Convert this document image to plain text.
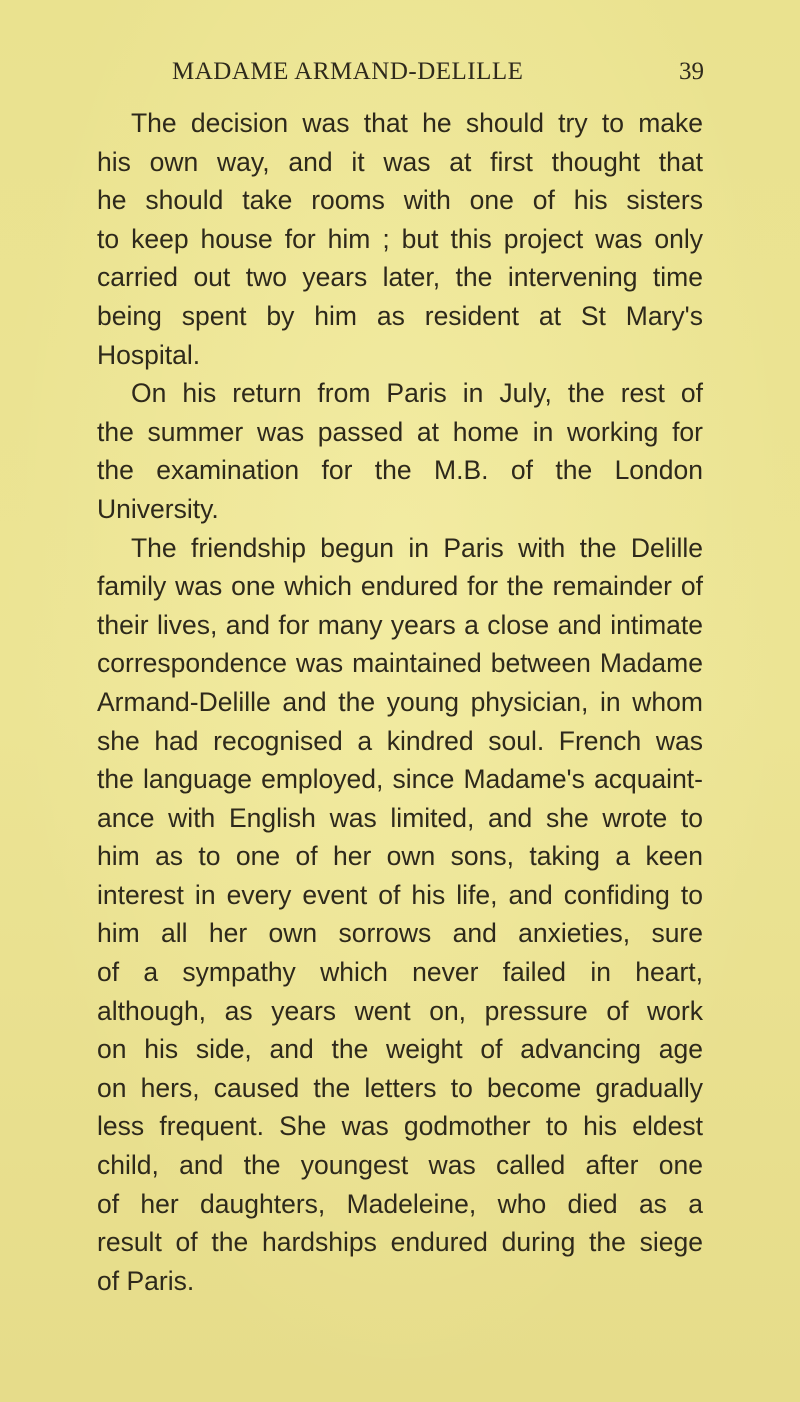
MADAME ARMAND-DELILLE	39
The decision was that he should try to make
his own way, and it was at first thought that
he should take rooms with one of his sisters
to keep house for him ; but this project was only
carried out two years later, the intervening time
being spent by him as resident at St Mary's
Hospital.
On his return from Paris in July, the rest of
the summer was passed at home in working for
the examination for the M.B. of the London
University.
The friendship begun in Paris with the Delille
family was one which endured for the remainder of
their lives, and for many years a close and intimate
correspondence was maintained between Madame
Armand-Delille and the young physician, in whom
she had recognised a kindred soul. French was
the language employed, since Madame's acquaint-
ance with English was limited, and she wrote to
him as to one of her own sons, taking a keen
interest in every event of his life, and confiding to
him all her own sorrows and anxieties, sure
of a sympathy which never failed in heart,
although, as years went on, pressure of work
on his side, and the weight of advancing age
on hers, caused the letters to become gradually
less frequent. She was godmother to his eldest
child, and the youngest was called after one
of her daughters, Madeleine, who died as a
result of the hardships endured during the siege
of Paris.
